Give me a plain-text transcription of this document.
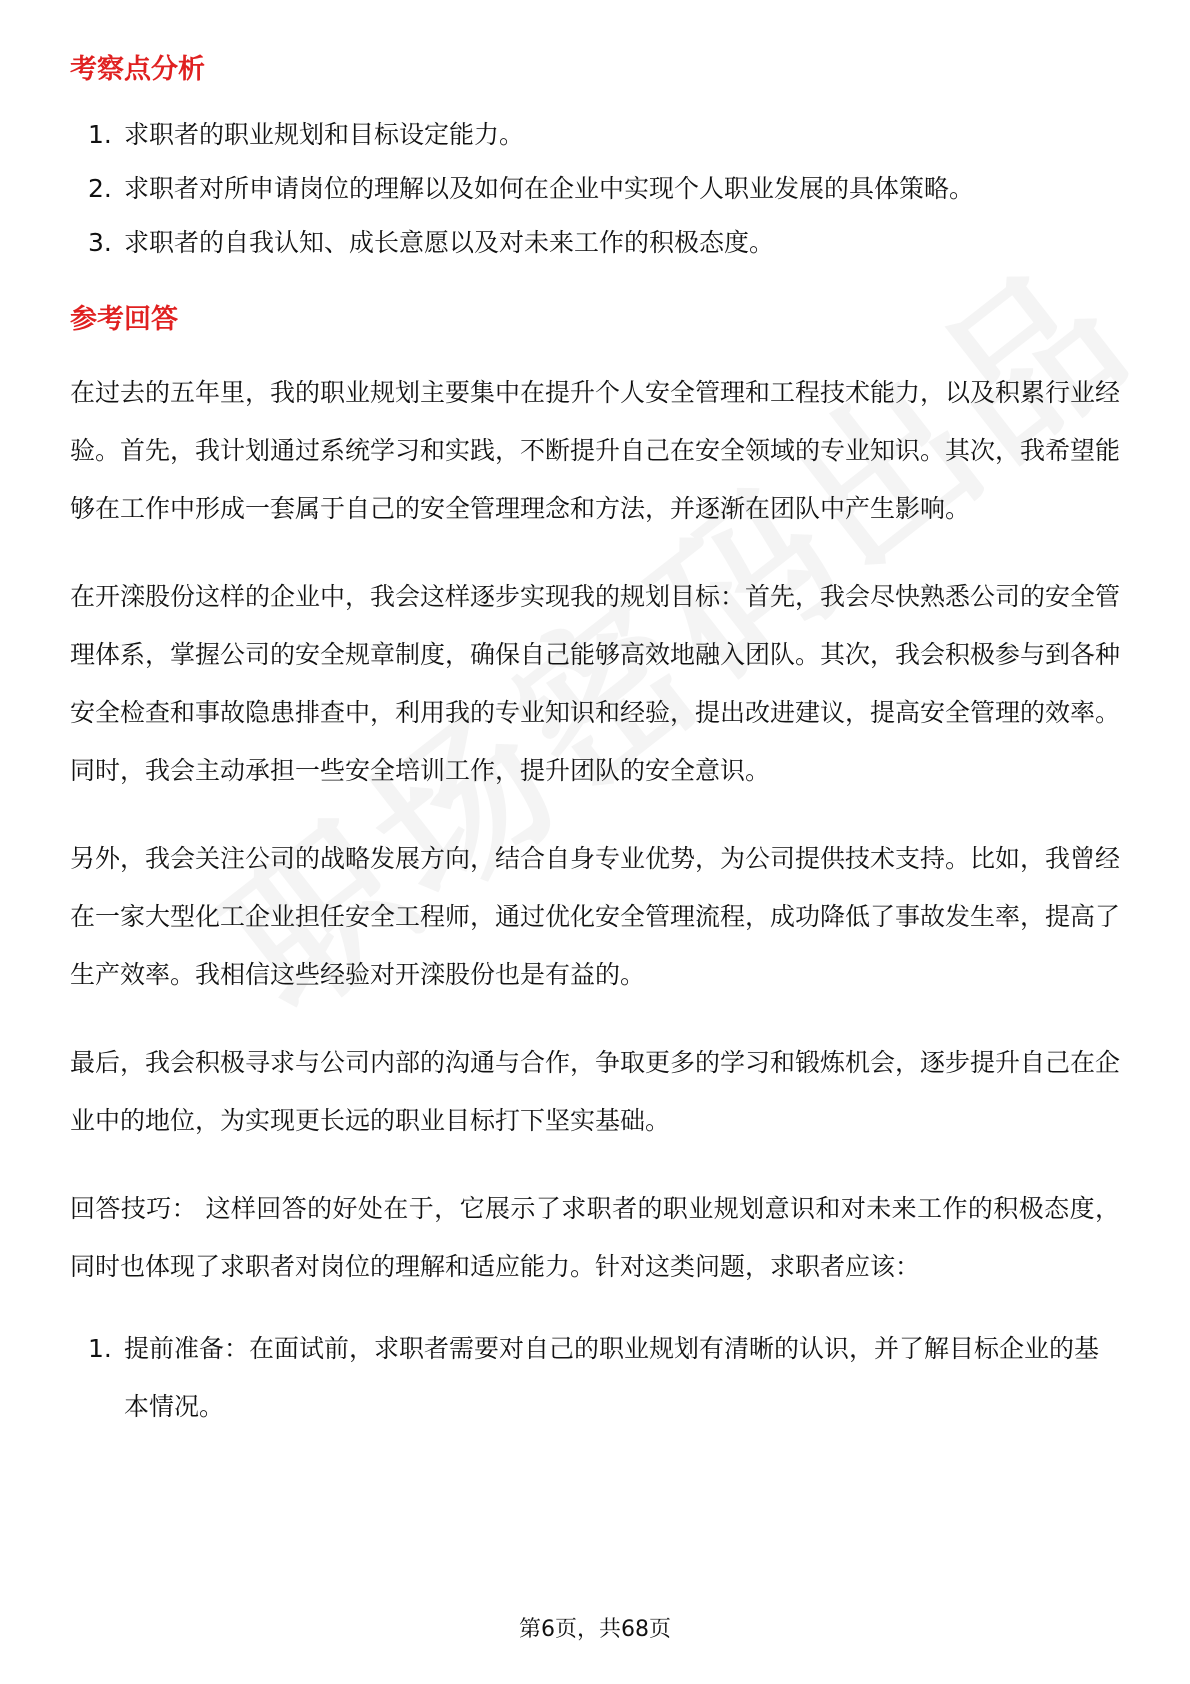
考察点分析
1. 求职者的职业规划和目标设定能力。
2. 求职者对所申请岗位的理解以及如何在企业中实现个人职业发展的具体策略。
3. 求职者的自我认知、成长意愿以及对未来工作的积极态度。
参考回答

在过去的五年里，我的职业规划主要集中在提升个人安全管理和工程技术能力，以及积累行业经验。首先，我计划通过系统学习和实践，不断提升自己在安全领域的专业知识。其次，我希望能够在工作中形成一套属于自己的安全管理理念和方法，并逐渐在团队中产生影响。

在开滦股份这样的企业中，我会这样逐步实现我的规划目标：首先，我会尽快熟悉公司的安全管理体系，掌握公司的安全规章制度，确保自己能够高效地融入团队。其次，我会积极参与到各种安全检查和事故隐患排查中，利用我的专业知识和经验，提出改进建议，提高安全管理的效率。同时，我会主动承担一些安全培训工作，提升团队的安全意识。

另外，我会关注公司的战略发展方向，结合自身专业优势，为公司提供技术支持。比如，我曾经在一家大型化工企业担任安全工程师，通过优化安全管理流程，成功降低了事故发生率，提高了生产效率。我相信这些经验对开滦股份也是有益的。

最后，我会积极寻求与公司内部的沟通与合作，争取更多的学习和锻炼机会，逐步提升自己在企业中的地位，为实现更长远的职业目标打下坚实基础。

回答技巧： 这样回答的好处在于，它展示了求职者的职业规划意识和对未来工作的积极态度，同时也体现了求职者对岗位的理解和适应能力。针对这类问题，求职者应该：

1. 提前准备：在面试前，求职者需要对自己的职业规划有清晰的认识，并了解目标企业的基本情况。
第6页，共68页
